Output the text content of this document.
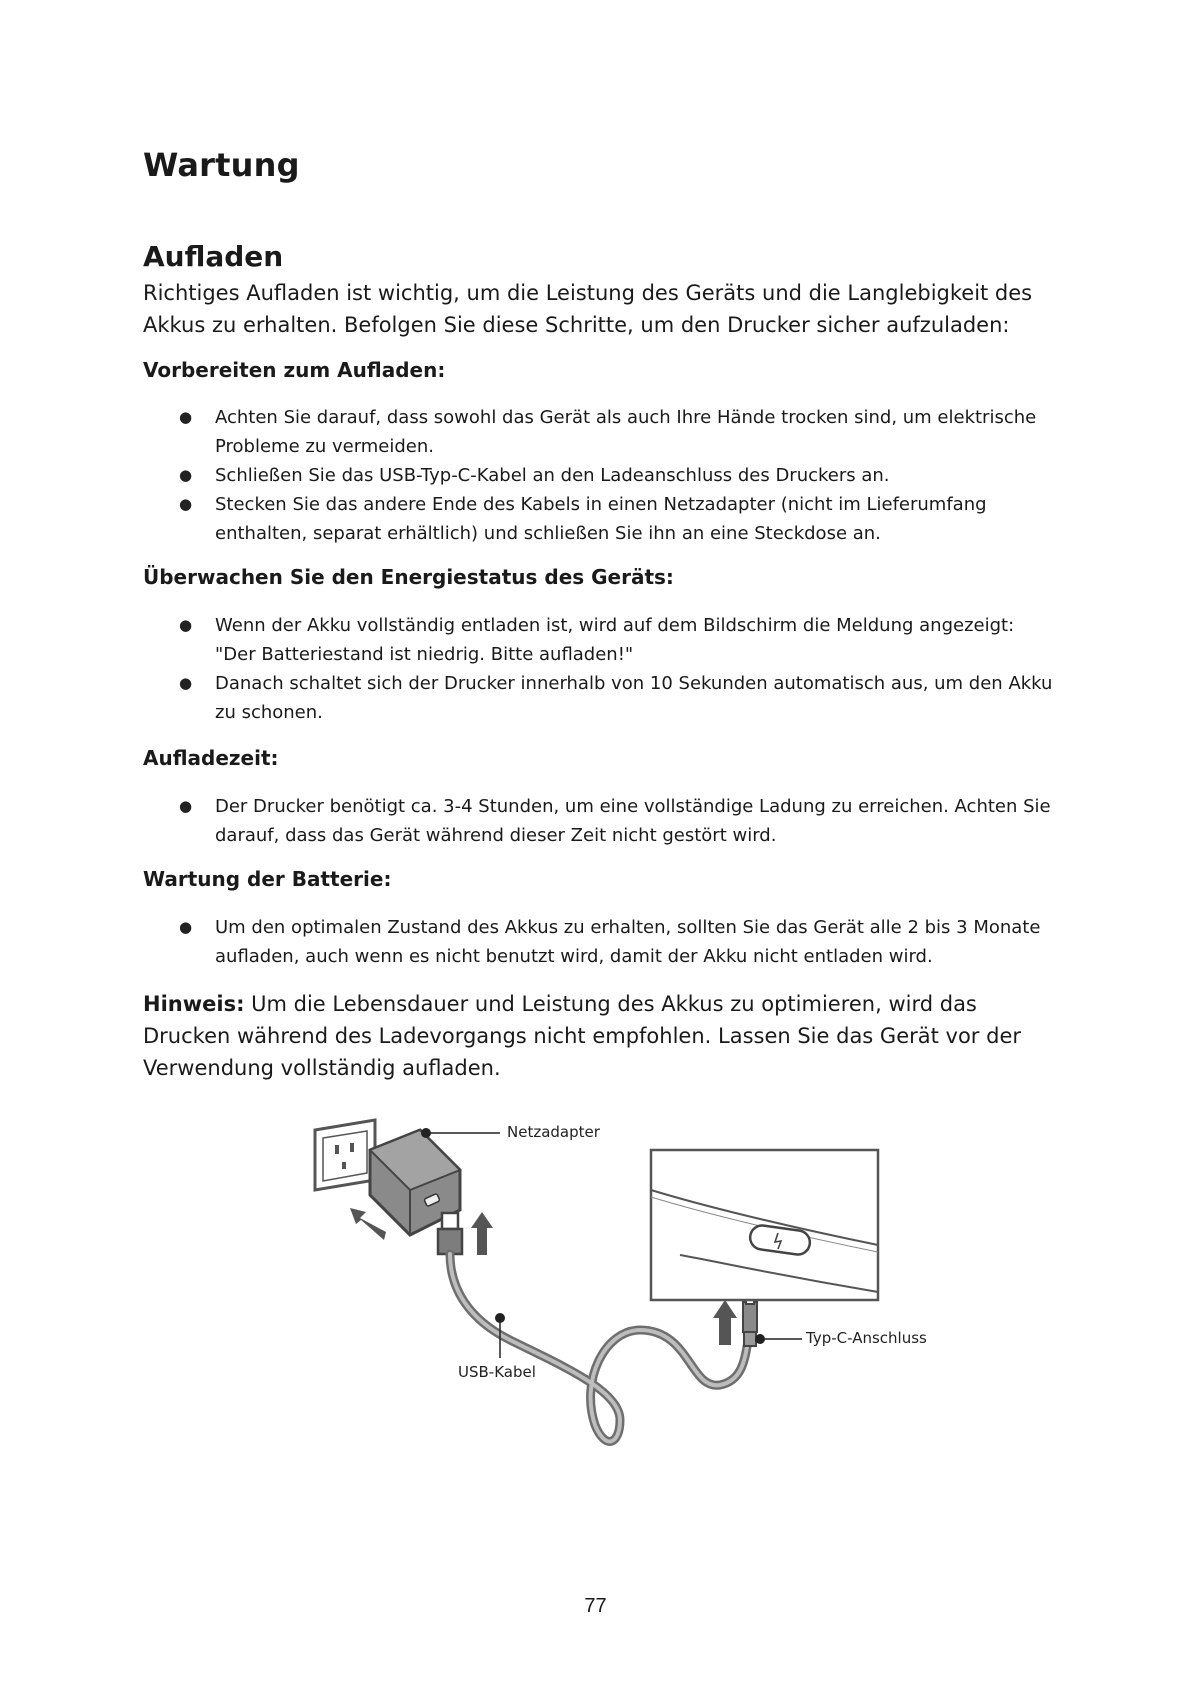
Wartung
Aufladen

Richtiges Aufladen ist wichtig, um die Leistung des Geräts und die Langlebigkeit des Akkus zu erhalten. Befolgen Sie diese Schritte, um den Drucker sicher aufzuladen:

Vorbereiten zum Aufladen:

● Achten Sie darauf, dass sowohl das Gerät als auch Ihre Hände trocken sind, um elektrische Probleme zu vermeiden.
● Schließen Sie das USB-Typ-C-Kabel an den Ladeanschluss des Druckers an.
● Stecken Sie das andere Ende des Kabels in einen Netzadapter (nicht im Lieferumfang enthalten, separat erhältlich) und schließen Sie ihn an eine Steckdose an.

Überwachen Sie den Energiestatus des Geräts:

● Wenn der Akku vollständig entladen ist, wird auf dem Bildschirm die Meldung angezeigt: "Der Batteriestand ist niedrig. Bitte aufladen!"
● Danach schaltet sich der Drucker innerhalb von 10 Sekunden automatisch aus, um den Akku zu schonen.

Aufladezeit:

● Der Drucker benötigt ca. 3-4 Stunden, um eine vollständige Ladung zu erreichen. Achten Sie darauf, dass das Gerät während dieser Zeit nicht gestört wird.

Wartung der Batterie:

● Um den optimalen Zustand des Akkus zu erhalten, sollten Sie das Gerät alle 2 bis 3 Monate aufladen, auch wenn es nicht benutzt wird, damit der Akku nicht entladen wird.

Hinweis: Um die Lebensdauer und Leistung des Akkus zu optimieren, wird das Drucken während des Ladevorgangs nicht empfohlen. Lassen Sie das Gerät vor der Verwendung vollständig aufladen.

Netzadapter
USB-Kabel
Typ-C-Anschluss
77
